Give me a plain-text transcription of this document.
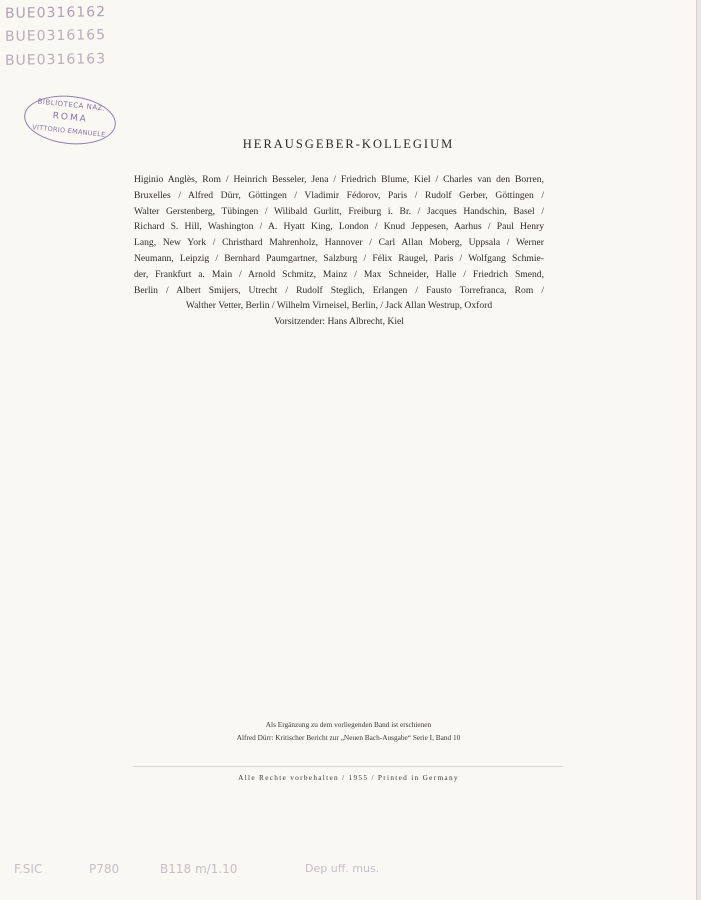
BUE0316162
BUE0316165
BUE0316163
BIBLIOTECA NAZ.
ROMA
VITTORIO EMANUELE
HERAUSGEBER-KOLLEGIUM
Higinio Anglès, Rom / Heinrich Besseler, Jena / Friedrich Blume, Kiel / Charles van den Borren,
Bruxelles / Alfred Dürr, Göttingen / Vladimir Fédorov, Paris / Rudolf Gerber, Göttingen /
Walter Gerstenberg, Tübingen / Wilibald Gurlitt, Freiburg i. Br. / Jacques Handschin, Basel /
Richard S. Hill, Washington / A. Hyatt King, London / Knud Jeppesen, Aarhus / Paul Henry
Lang, New York / Christhard Mahrenholz, Hannover / Carl Allan Moberg, Uppsala / Werner
Neumann, Leipzig / Bernhard Paumgartner, Salzburg / Félix Raugel, Paris / Wolfgang Schmie-
der, Frankfurt a. Main / Arnold Schmitz, Mainz / Max Schneider, Halle / Friedrich Smend,
Berlin / Albert Smijers, Utrecht / Rudolf Steglich, Erlangen / Fausto Torrefranca, Rom /
Walther Vetter, Berlin / Wilhelm Virneisel, Berlin, / Jack Allan Westrup, Oxford
Vorsitzender: Hans Albrecht, Kiel
Als Ergänzung zu dem vorliegenden Band ist erschienen
Alfred Dürr: Kritischer Bericht zur „Neuen Bach-Ausgabe“ Serie I, Band 10
Alle Rechte vorbehalten / 1955 / Printed in Germany
F.SIC	P780	B118 m/1.10	Dep uff. mus.
